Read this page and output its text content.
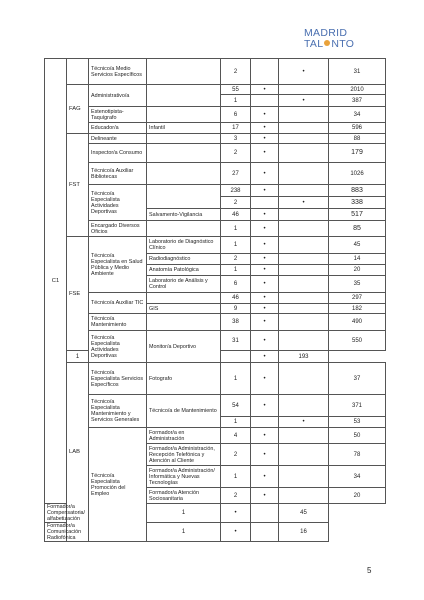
MADRID
TAL NTO
C1		Técnico/a Medio Servicios Específicos		2		•	31
	FAG	Administrativo/a		55	•		2010
				1		•	387
		Estenotipista-Taquígrafo		6	•		34
		Educador/a	Infantil	17	•		596
	FST	Delineante		3	•		88
		Inspector/a Consumo		2	•		179
		Técnico/a Auxiliar Bibliotecas		27	•		1026
		Técnico/a Especialista Actividades Deportivas		238	•		883
				2		•	338
			Salvamento-Vigilancia	46	•		517
		Encargado Diversos Oficios		1	•		85
	FSE	Técnico/a Especialista en Salud Pública y Medio Ambiente	Laboratorio de Diagnóstico Clínico	1	•		45
			Radiodiagnóstico	2	•		14
			Anatomía Patológica	1	•		20
			Laboratorio de Análisis y Control	6	•		35
		Técnico/a Auxiliar TIC		46	•		297
			GIS	9	•		182
		Técnico/a Mantenimiento		38	•		490
		Técnico/a Especialista Actividades Deportivas	Monitor/a Deportivo	31	•		550
	1				•	193	
	LAB	Técnico/a Especialista Servicios Específicos	Fotografo	1	•		37
		Técnico/a Especialista Mantenimiento y Servicios Generales	Técnico/a de Mantenimiento	54	•		371
				1		•	53
		Técnico/a Especialista Promoción del Empleo	Formador/a en Administración	4	•		50
			Formador/a Administración, Recepción Telefónica y Atención al Cliente	2	•		78
			Formador/a Administración/ Informática y Nuevas Tecnologías	1	•		34
			Formador/a Atención Sociosanitaria	2	•		20
Formador/a Compensatoria/ alfabetización			1	•		45	
Formador/a Comunicación Radiofónica			1	•		16	
5
